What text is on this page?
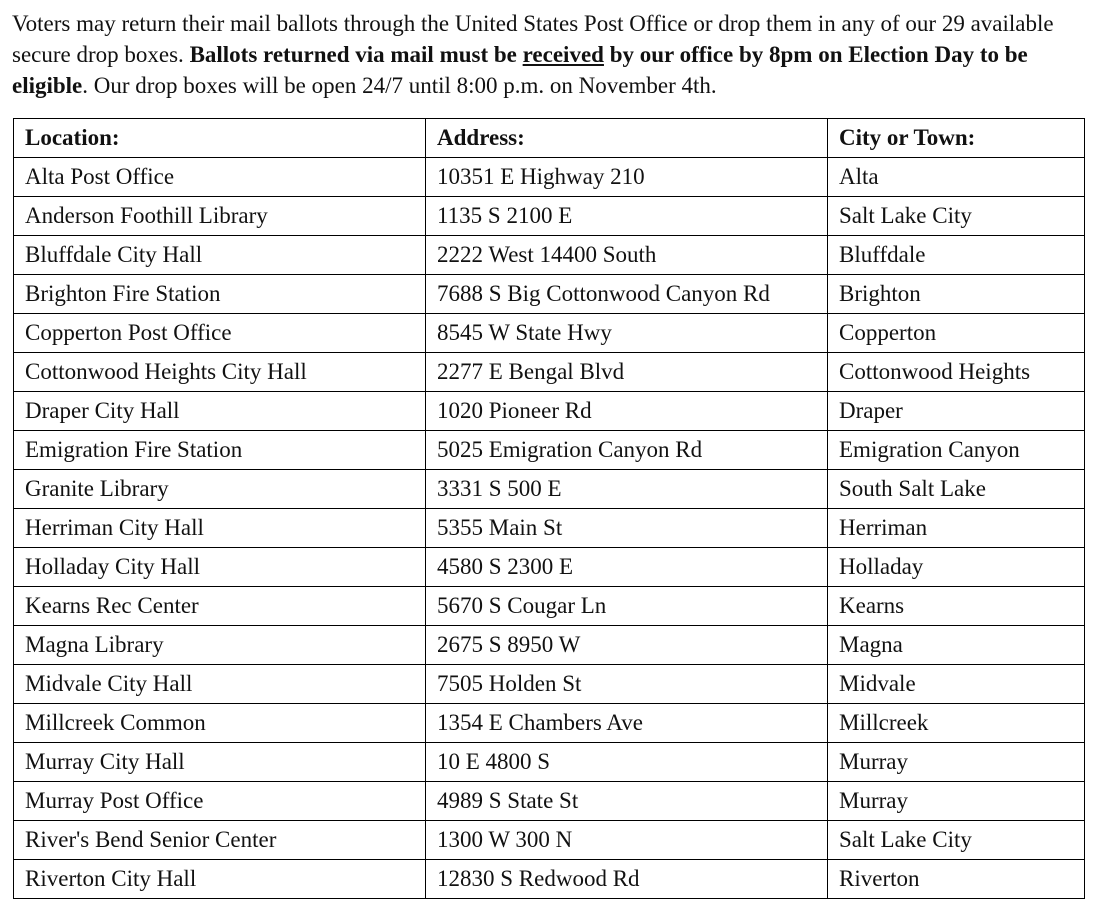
Voters may return their mail ballots through the United States Post Office or drop them in any of our 29 available secure drop boxes. Ballots returned via mail must be received by our office by 8pm on Election Day to be eligible. Our drop boxes will be open 24/7 until 8:00 p.m. on November 4th.

Location:	Address:	City or Town:
Alta Post Office	10351 E Highway 210	Alta
Anderson Foothill Library	1135 S 2100 E	Salt Lake City
Bluffdale City Hall	2222 West 14400 South	Bluffdale
Brighton Fire Station	7688 S Big Cottonwood Canyon Rd	Brighton
Copperton Post Office	8545 W State Hwy	Copperton
Cottonwood Heights City Hall	2277 E Bengal Blvd	Cottonwood Heights
Draper City Hall	1020 Pioneer Rd	Draper
Emigration Fire Station	5025 Emigration Canyon Rd	Emigration Canyon
Granite Library	3331 S 500 E	South Salt Lake
Herriman City Hall	5355 Main St	Herriman
Holladay City Hall	4580 S 2300 E	Holladay
Kearns Rec Center	5670 S Cougar Ln	Kearns
Magna Library	2675 S 8950 W	Magna
Midvale City Hall	7505 Holden St	Midvale
Millcreek Common	1354 E Chambers Ave	Millcreek
Murray City Hall	10 E 4800 S	Murray
Murray Post Office	4989 S State St	Murray
River's Bend Senior Center	1300 W 300 N	Salt Lake City
Riverton City Hall	12830 S Redwood Rd	Riverton
